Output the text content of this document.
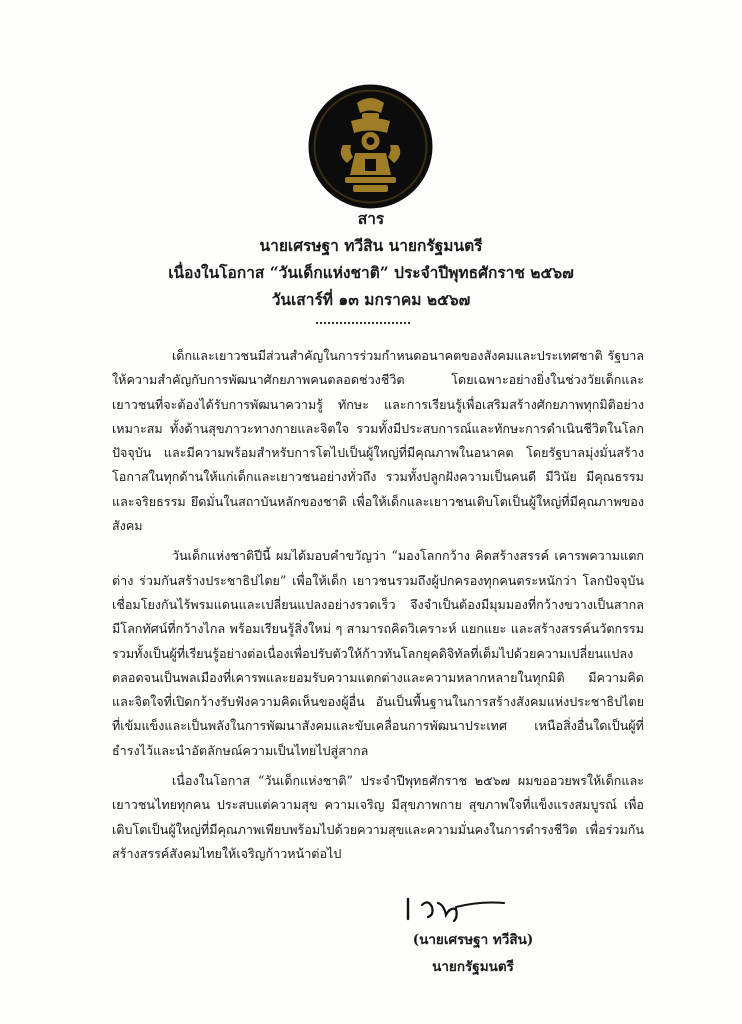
สาร
นายเศรษฐา ทวีสิน นายกรัฐมนตรี
เนื่องในโอกาส “วันเด็กแห่งชาติ” ประจำปีพุทธศักราช ๒๕๖๗
วันเสาร์ที่ ๑๓ มกราคม ๒๕๖๗

เด็กและเยาวชนมีส่วนสำคัญในการร่วมกำหนดอนาคตของสังคมและประเทศชาติ รัฐบาลให้ความสำคัญกับการพัฒนาศักยภาพคนตลอดช่วงชีวิต โดยเฉพาะอย่างยิ่งในช่วงวัยเด็กและเยาวชนที่จะต้องได้รับการพัฒนาความรู้ ทักษะ และการเรียนรู้เพื่อเสริมสร้างศักยภาพทุกมิติอย่างเหมาะสม ทั้งด้านสุขภาวะทางกายและจิตใจ รวมทั้งมีประสบการณ์และทักษะการดำเนินชีวิตในโลกปัจจุบัน และมีความพร้อมสำหรับการโตไปเป็นผู้ใหญ่ที่มีคุณภาพในอนาคต โดยรัฐบาลมุ่งมั่นสร้างโอกาสในทุกด้านให้แก่เด็กและเยาวชนอย่างทั่วถึง รวมทั้งปลูกฝังความเป็นคนดี มีวินัย มีคุณธรรมและจริยธรรม ยึดมั่นในสถาบันหลักของชาติ เพื่อให้เด็กและเยาวชนเติบโตเป็นผู้ใหญ่ที่มีคุณภาพของสังคม

วันเด็กแห่งชาติปีนี้ ผมได้มอบคำขวัญว่า “มองโลกกว้าง คิดสร้างสรรค์ เคารพความแตกต่าง ร่วมกันสร้างประชาธิปไตย” เพื่อให้เด็ก เยาวชนรวมถึงผู้ปกครองทุกคนตระหนักว่า โลกปัจจุบันเชื่อมโยงกันไร้พรมแดนและเปลี่ยนแปลงอย่างรวดเร็ว จึงจำเป็นต้องมีมุมมองที่กว้างขวางเป็นสากล มีโลกทัศน์ที่กว้างไกล พร้อมเรียนรู้สิ่งใหม่ ๆ สามารถคิดวิเคราะห์ แยกแยะ และสร้างสรรค์นวัตกรรม รวมทั้งเป็นผู้ที่เรียนรู้อย่างต่อเนื่องเพื่อปรับตัวให้ก้าวทันโลกยุคดิจิทัลที่เต็มไปด้วยความเปลี่ยนแปลง ตลอดจนเป็นพลเมืองที่เคารพและยอมรับความแตกต่างและความหลากหลายในทุกมิติ มีความคิดและจิตใจที่เปิดกว้างรับฟังความคิดเห็นของผู้อื่น อันเป็นพื้นฐานในการสร้างสังคมแห่งประชาธิปไตยที่เข้มแข็งและเป็นพลังในการพัฒนาสังคมและขับเคลื่อนการพัฒนาประเทศ เหนือสิ่งอื่นใดเป็นผู้ที่ธำรงไว้และนำอัตลักษณ์ความเป็นไทยไปสู่สากล

เนื่องในโอกาส “วันเด็กแห่งชาติ” ประจำปีพุทธศักราช ๒๕๖๗ ผมขออวยพรให้เด็กและเยาวชนไทยทุกคน ประสบแต่ความสุข ความเจริญ มีสุขภาพกาย สุขภาพใจที่แข็งแรงสมบูรณ์ เพื่อเติบโตเป็นผู้ใหญ่ที่มีคุณภาพเพียบพร้อมไปด้วยความสุขและความมั่นคงในการดำรงชีวิต เพื่อร่วมกันสร้างสรรค์สังคมไทยให้เจริญก้าวหน้าต่อไป

(นายเศรษฐา ทวีสิน)
นายกรัฐมนตรี
